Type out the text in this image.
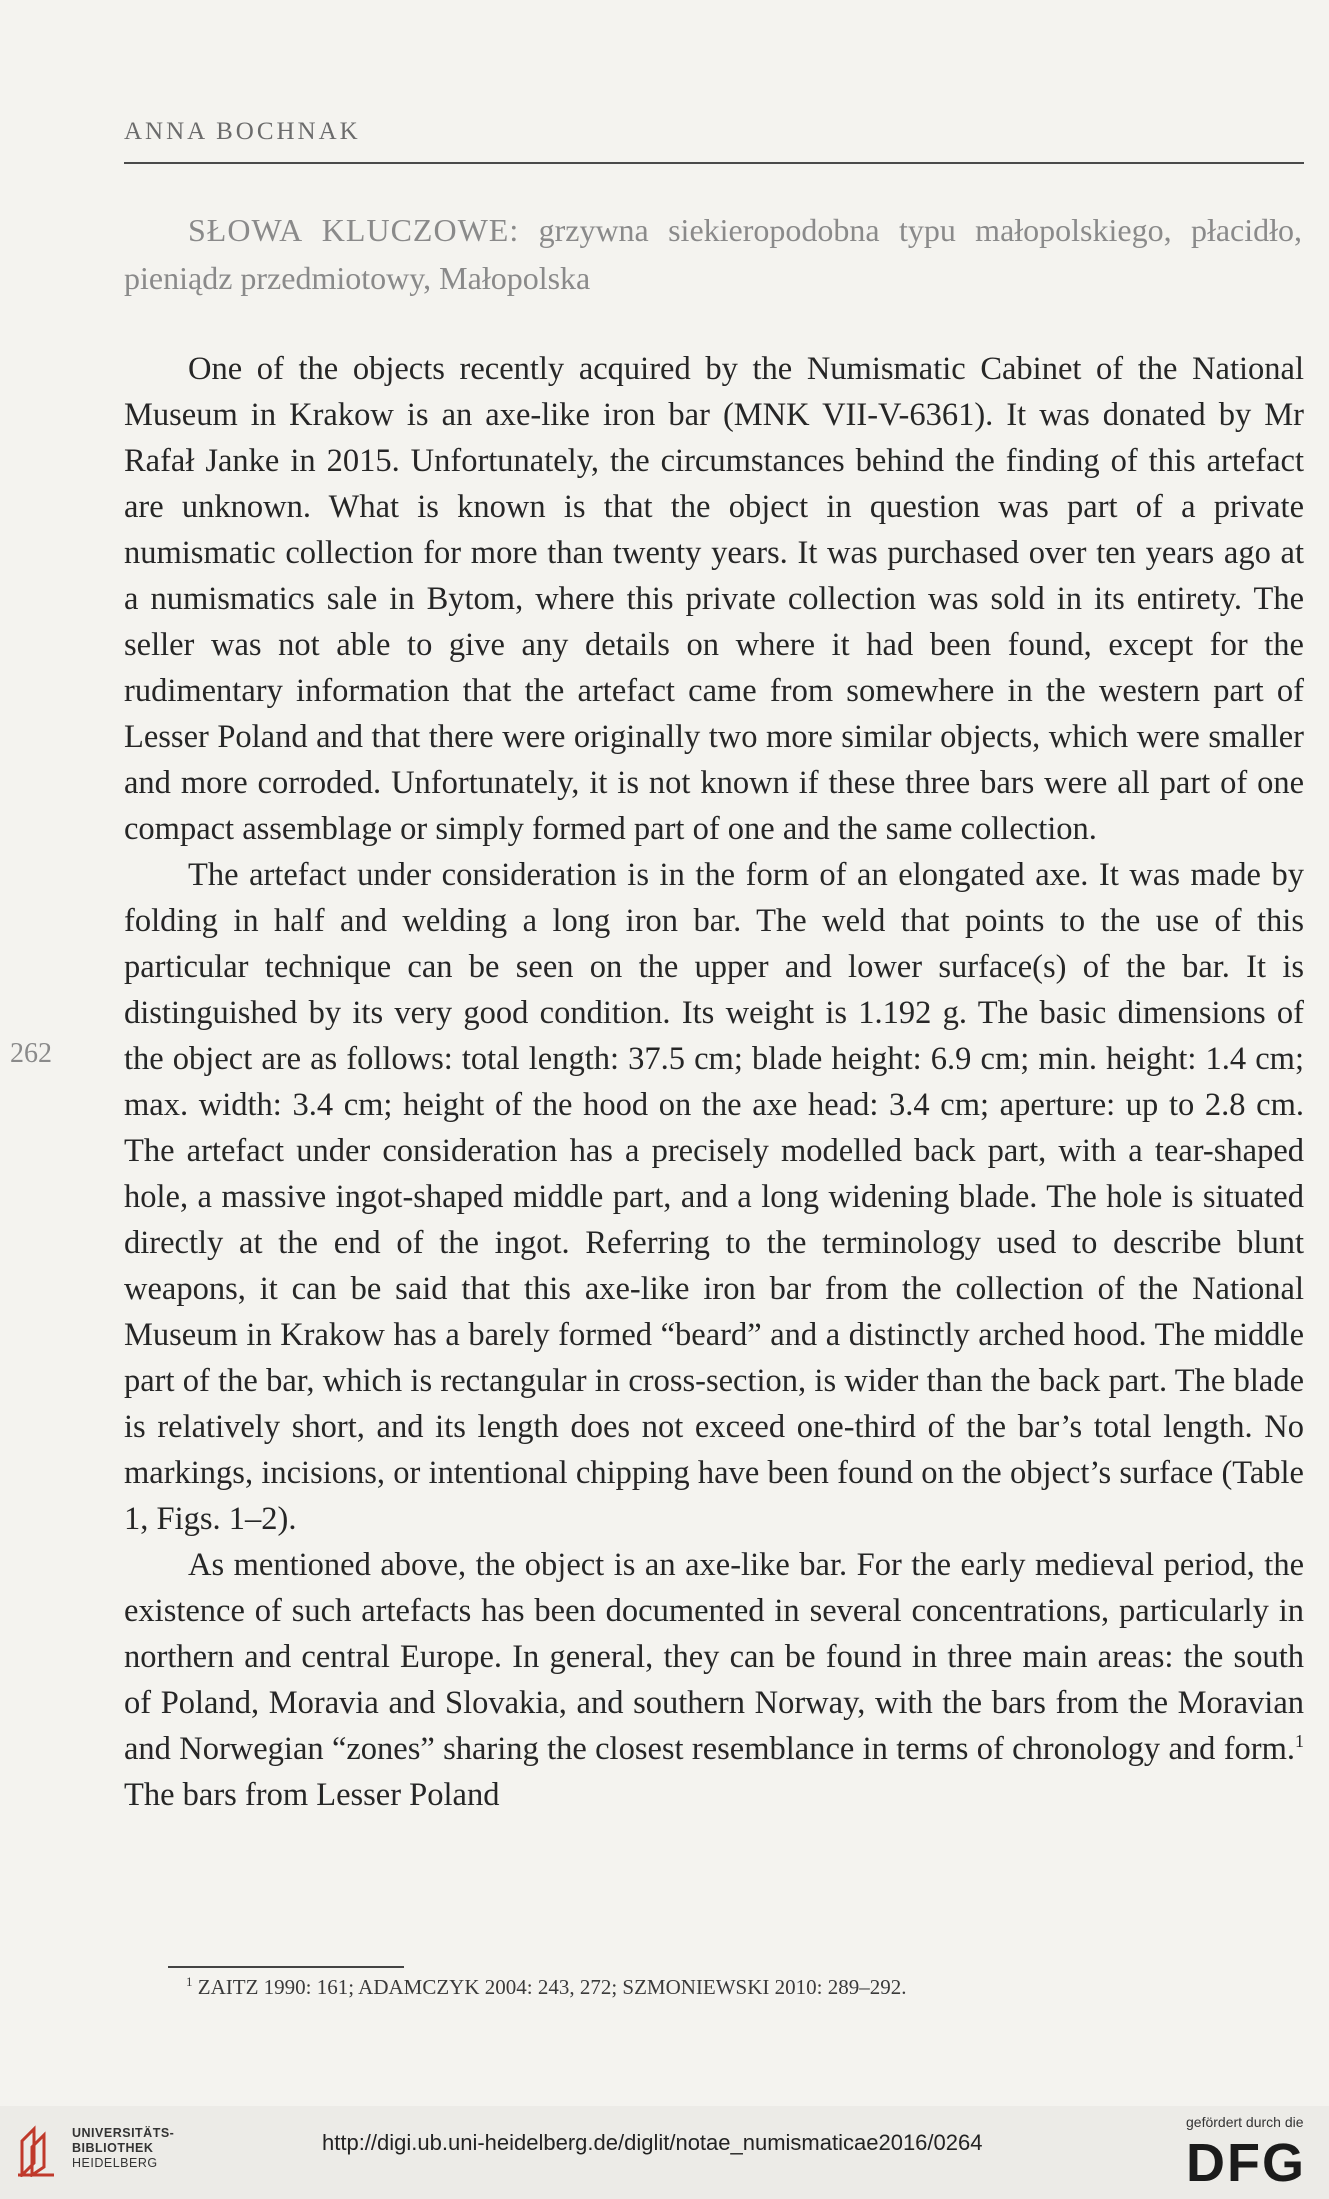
ANNA BOCHNAK
SŁOWA KLUCZOWE: grzywna siekieropodobna typu małopolskiego, płacidło, pieniądz przedmiotowy, Małopolska

One of the objects recently acquired by the Numismatic Cabinet of the National Museum in Krakow is an axe-like iron bar (MNK VII-V-6361). It was donated by Mr Rafał Janke in 2015. Unfortunately, the circumstances behind the finding of this artefact are unknown. What is known is that the object in question was part of a private numismatic collection for more than twenty years. It was purchased over ten years ago at a numismatics sale in Bytom, where this private collection was sold in its entirety. The seller was not able to give any details on where it had been found, except for the rudimentary information that the artefact came from somewhere in the western part of Lesser Poland and that there were originally two more similar objects, which were smaller and more corroded. Unfortunately, it is not known if these three bars were all part of one compact assemblage or simply formed part of one and the same collection.

The artefact under consideration is in the form of an elongated axe. It was made by folding in half and welding a long iron bar. The weld that points to the use of this particular technique can be seen on the upper and lower surface(s) of the bar. It is distinguished by its very good condition. Its weight is 1.192 g. The basic dimensions of the object are as follows: total length: 37.5 cm; blade height: 6.9 cm; min. height: 1.4 cm; max. width: 3.4 cm; height of the hood on the axe head: 3.4 cm; aperture: up to 2.8 cm. The artefact under consideration has a precisely modelled back part, with a tear-shaped hole, a massive ingot-shaped middle part, and a long widening blade. The hole is situated directly at the end of the ingot. Referring to the terminology used to describe blunt weapons, it can be said that this axe-like iron bar from the collection of the National Museum in Krakow has a barely formed “beard” and a distinctly arched hood. The middle part of the bar, which is rectangular in cross-section, is wider than the back part. The blade is relatively short, and its length does not exceed one-third of the bar’s total length. No markings, incisions, or intentional chipping have been found on the object’s surface (Table 1, Figs. 1–2).

As mentioned above, the object is an axe-like bar. For the early medieval period, the existence of such artefacts has been documented in several concentrations, particularly in northern and central Europe. In general, they can be found in three main areas: the south of Poland, Moravia and Slovakia, and southern Norway, with the bars from the Moravian and Norwegian “zones” sharing the closest resemblance in terms of chronology and form.$^1$ The bars from Lesser Poland

262
$^1$ ZAITZ 1990: 161; ADAMCZYK 2004: 243, 272; SZMONIEWSKI 2010: 289–292.
UNIVERSITÄTS-
BIBLIOTHEK
HEIDELBERG
http://digi.ub.uni-heidelberg.de/diglit/notae_numismaticae2016/0264
gefördert durch die
DFG
